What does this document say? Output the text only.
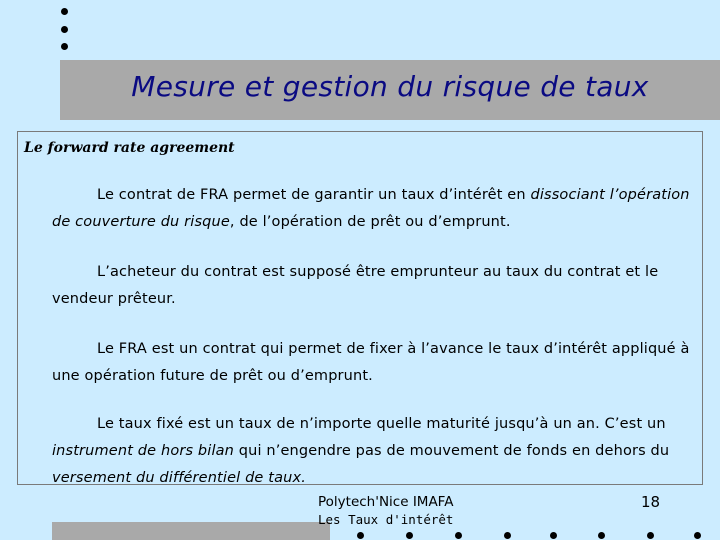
Mesure et gestion du risque de taux
Le forward rate agreement

Le contrat de FRA permet de garantir un taux d’intérêt en dissociant l’opération de couverture du risque, de l’opération de prêt ou d’emprunt.

L’acheteur du contrat est supposé être emprunteur au taux du contrat et le vendeur prêteur.

Le FRA est un contrat qui permet de fixer à l’avance le taux d’intérêt appliqué à une opération future de prêt ou d’emprunt.

Le taux fixé est un taux de n’importe quelle maturité jusqu’à un an. C’est un instrument de hors bilan qui n’engendre pas de mouvement de fonds en dehors du versement du différentiel de taux.

Polytech'Nice IMAFA
Les Taux d'intérêt
18
